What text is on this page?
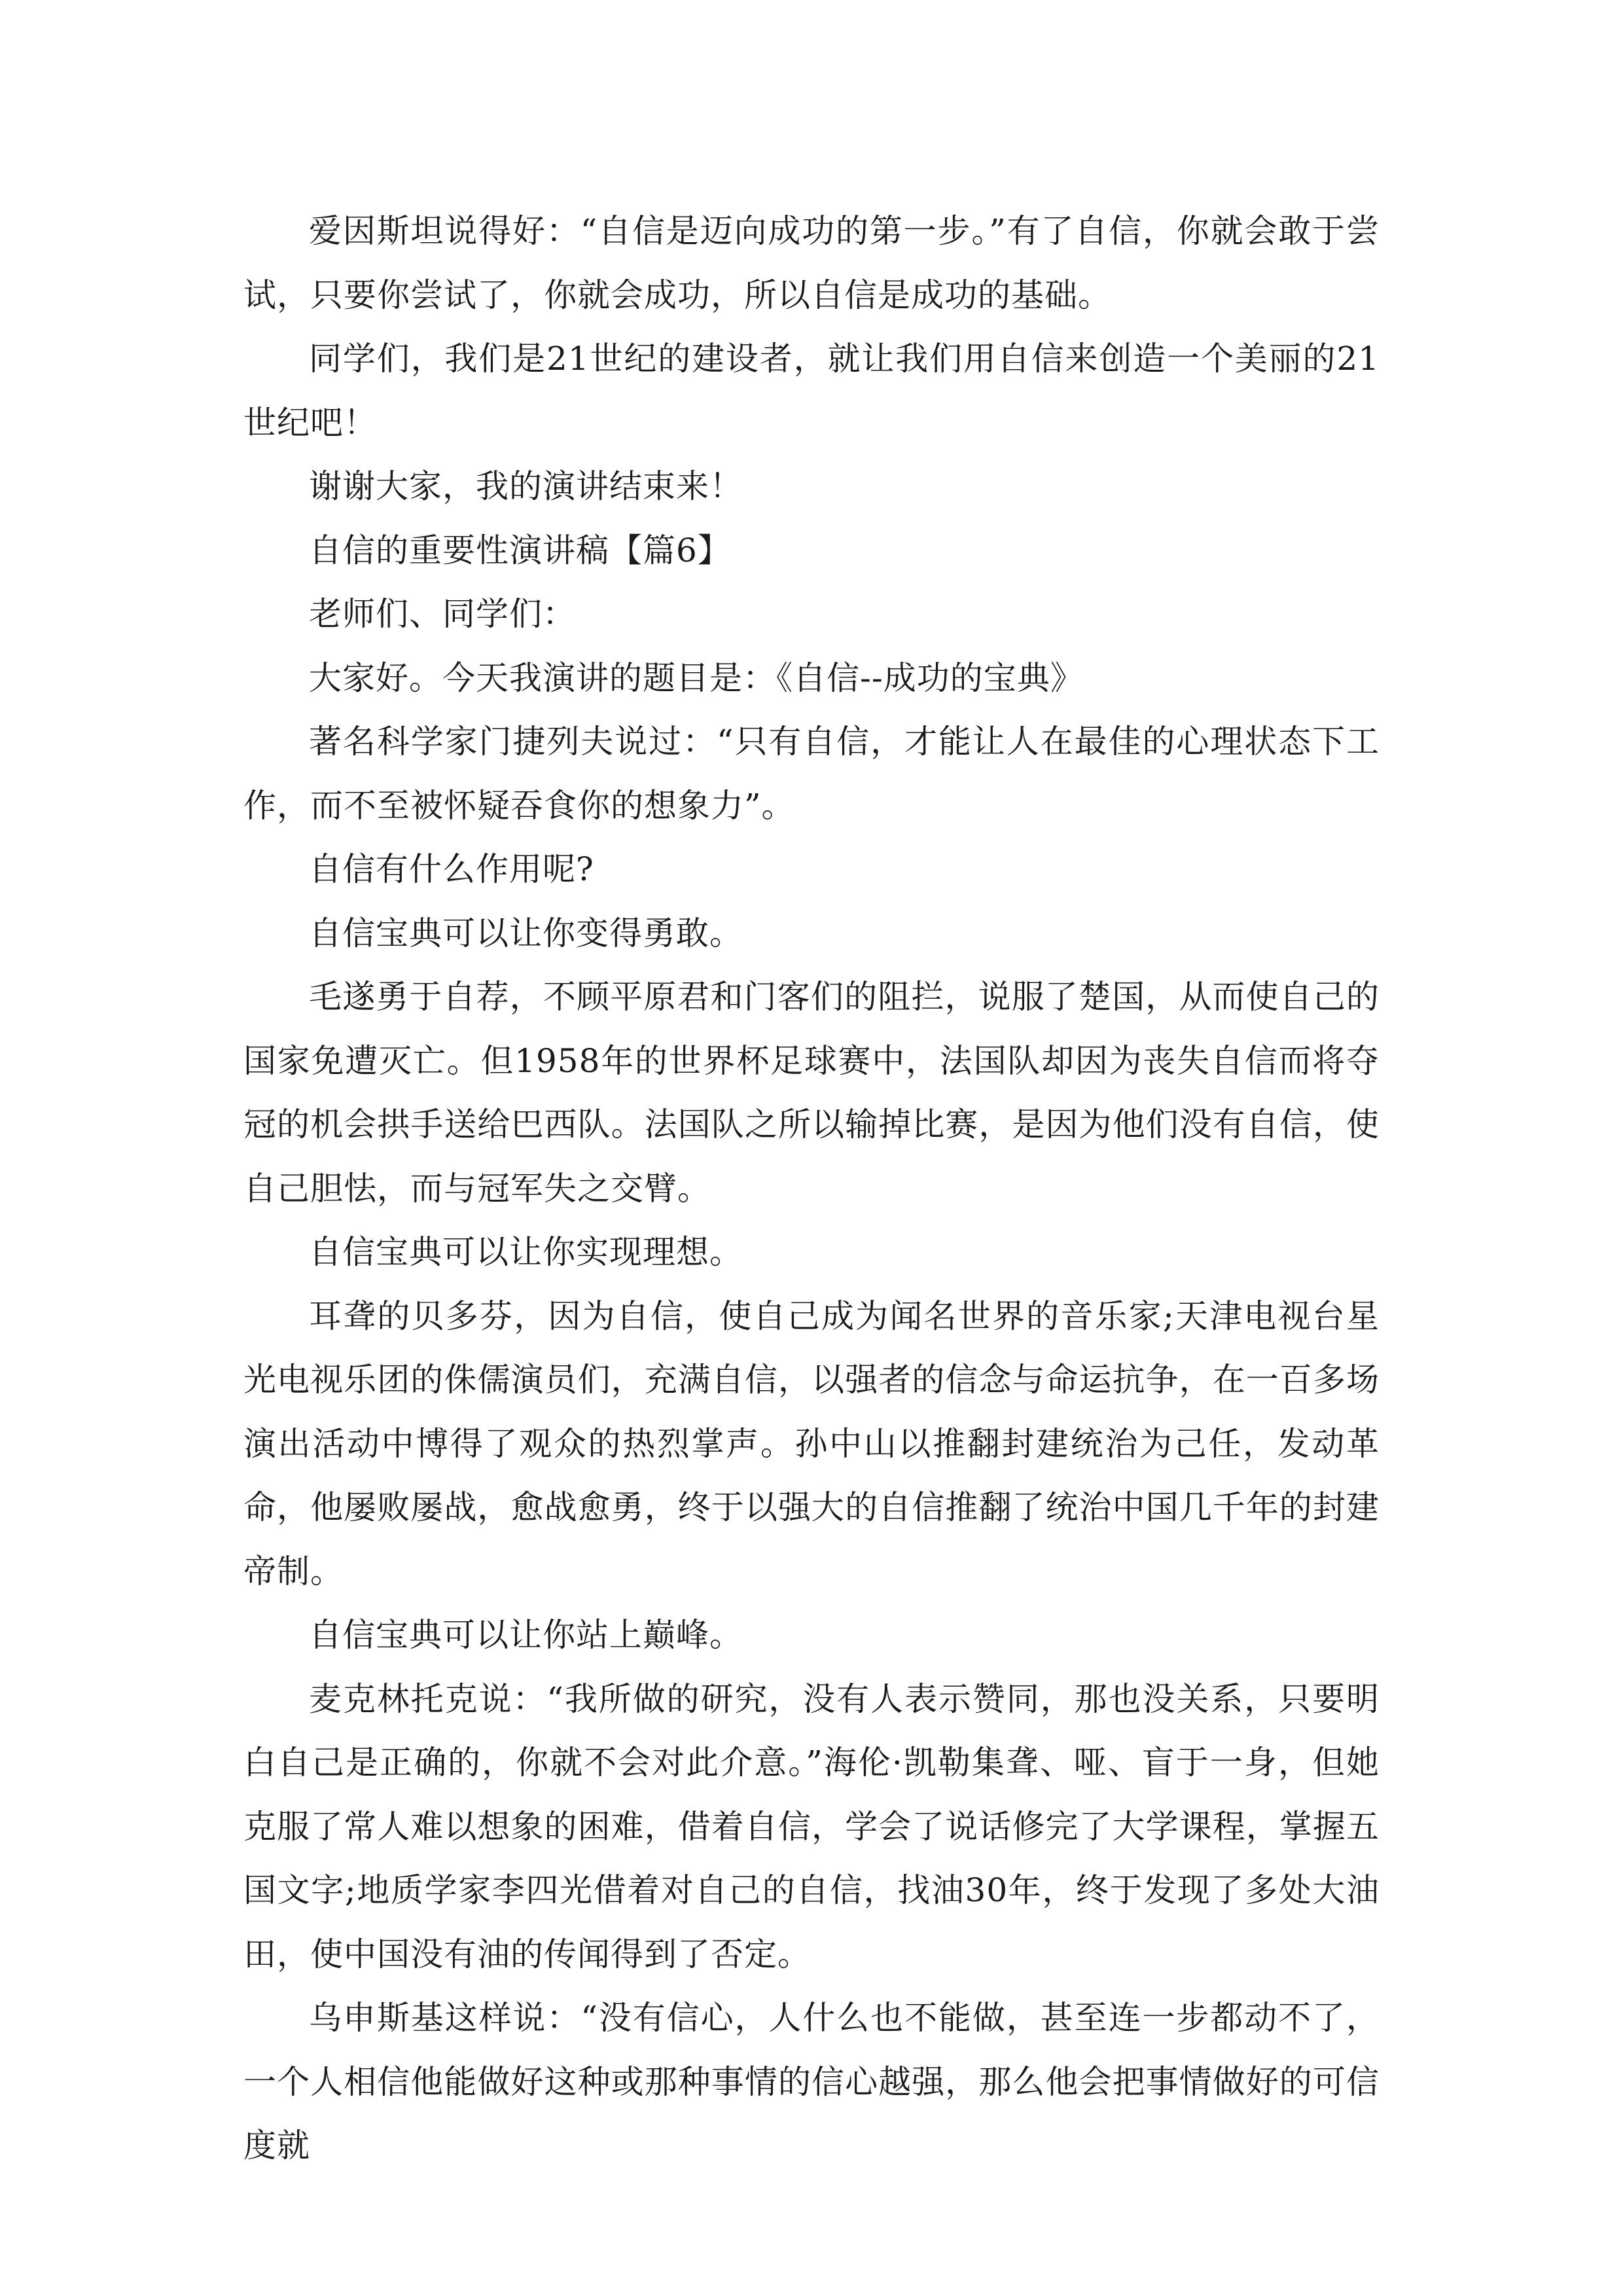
爱因斯坦说得好：“自信是迈向成功的第一步。”有了自信，你就会敢于尝试，只要你尝试了，你就会成功，所以自信是成功的基础。

同学们，我们是21世纪的建设者，就让我们用自信来创造一个美丽的21世纪吧！

谢谢大家，我的演讲结束来！

自信的重要性演讲稿【篇6】

老师们、同学们：

大家好。今天我演讲的题目是：《自信--成功的宝典》

著名科学家门捷列夫说过：“只有自信，才能让人在最佳的心理状态下工作，而不至被怀疑吞食你的想象力”。

自信有什么作用呢?

自信宝典可以让你变得勇敢。

毛遂勇于自荐，不顾平原君和门客们的阻拦，说服了楚国，从而使自己的国家免遭灭亡。但1958年的世界杯足球赛中，法国队却因为丧失自信而将夺冠的机会拱手送给巴西队。法国队之所以输掉比赛，是因为他们没有自信，使自己胆怯，而与冠军失之交臂。

自信宝典可以让你实现理想。

耳聋的贝多芬，因为自信，使自己成为闻名世界的音乐家;天津电视台星光电视乐团的侏儒演员们，充满自信，以强者的信念与命运抗争，在一百多场演出活动中博得了观众的热烈掌声。孙中山以推翻封建统治为己任，发动革命，他屡败屡战，愈战愈勇，终于以强大的自信推翻了统治中国几千年的封建帝制。

自信宝典可以让你站上巅峰。

麦克林托克说：“我所做的研究，没有人表示赞同，那也没关系，只要明白自己是正确的，你就不会对此介意。”海伦·凯勒集聋、哑、盲于一身，但她克服了常人难以想象的困难，借着自信，学会了说话修完了大学课程，掌握五国文字;地质学家李四光借着对自己的自信，找油30年，终于发现了多处大油田，使中国没有油的传闻得到了否定。

乌申斯基这样说：“没有信心，人什么也不能做，甚至连一步都动不了，一个人相信他能做好这种或那种事情的信心越强，那么他会把事情做好的可信度就
